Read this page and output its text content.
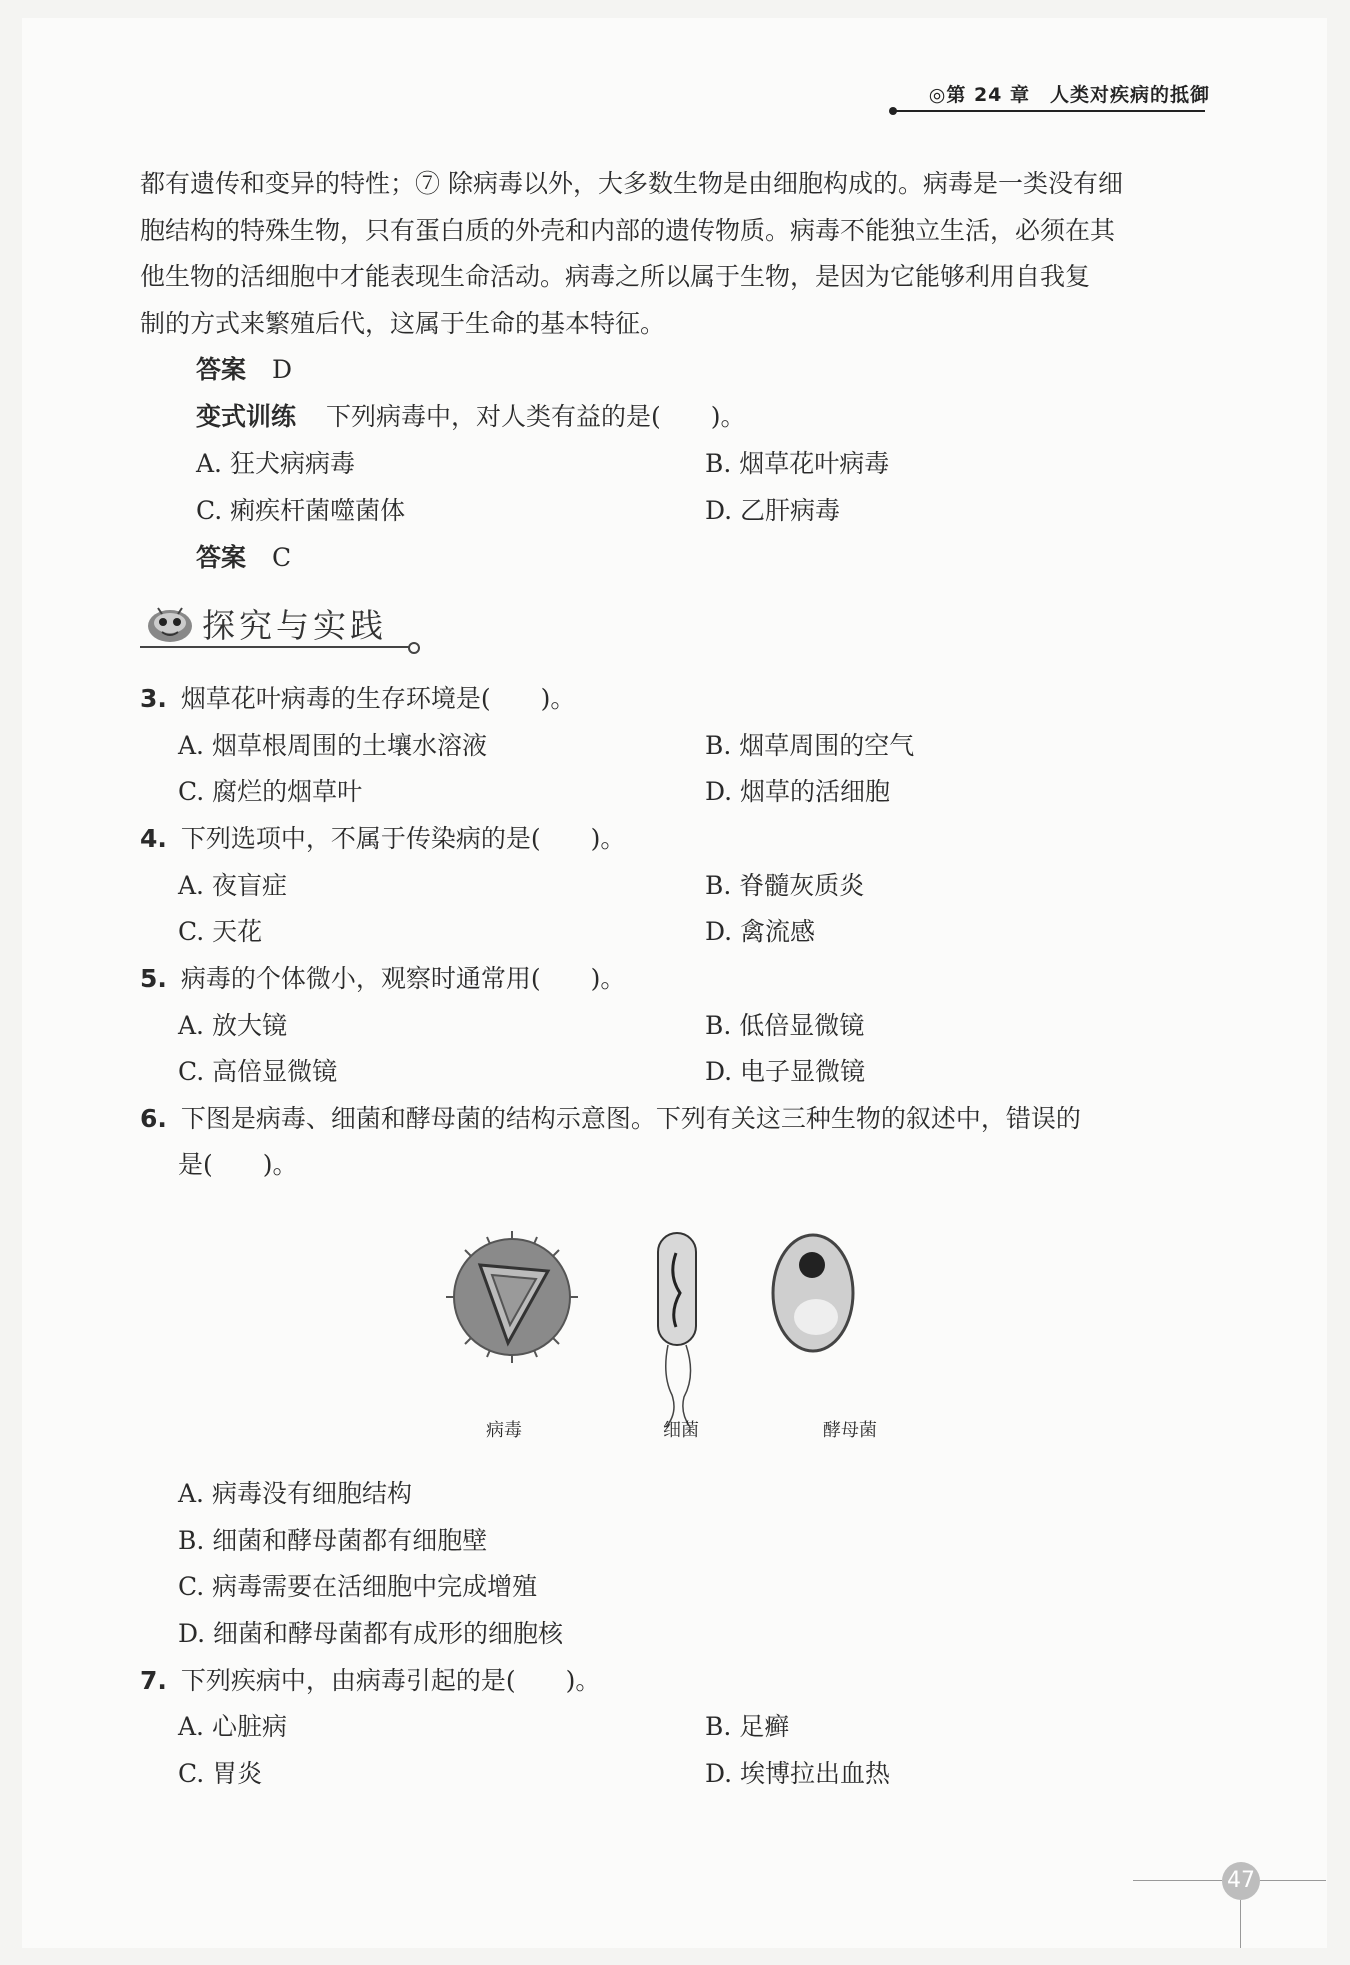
◎第 24 章　人类对疾病的抵御
都有遗传和变异的特性；⑦ 除病毒以外，大多数生物是由细胞构成的。病毒是一类没有细
胞结构的特殊生物，只有蛋白质的外壳和内部的遗传物质。病毒不能独立生活，必须在其
他生物的活细胞中才能表现生命活动。病毒之所以属于生物，是因为它能够利用自我复
制的方式来繁殖后代，这属于生命的基本特征。
答案 D
变式训练 下列病毒中，对人类有益的是(　　)。
A. 狂犬病病毒	B. 烟草花叶病毒
C. 痢疾杆菌噬菌体	D. 乙肝病毒
答案 C
探究与实践
3. 烟草花叶病毒的生存环境是(　　)。
A. 烟草根周围的土壤水溶液	B. 烟草周围的空气
C. 腐烂的烟草叶	D. 烟草的活细胞
4. 下列选项中，不属于传染病的是(　　)。
A. 夜盲症	B. 脊髓灰质炎
C. 天花	D. 禽流感
5. 病毒的个体微小，观察时通常用(　　)。
A. 放大镜	B. 低倍显微镜
C. 高倍显微镜	D. 电子显微镜
6. 下图是病毒、细菌和酵母菌的结构示意图。下列有关这三种生物的叙述中，错误的
是(　　)。
病毒	细菌	酵母菌
A. 病毒没有细胞结构
B. 细菌和酵母菌都有细胞壁
C. 病毒需要在活细胞中完成增殖
D. 细菌和酵母菌都有成形的细胞核
7. 下列疾病中，由病毒引起的是(　　)。
A. 心脏病	B. 足癣
C. 胃炎	D. 埃博拉出血热
47
